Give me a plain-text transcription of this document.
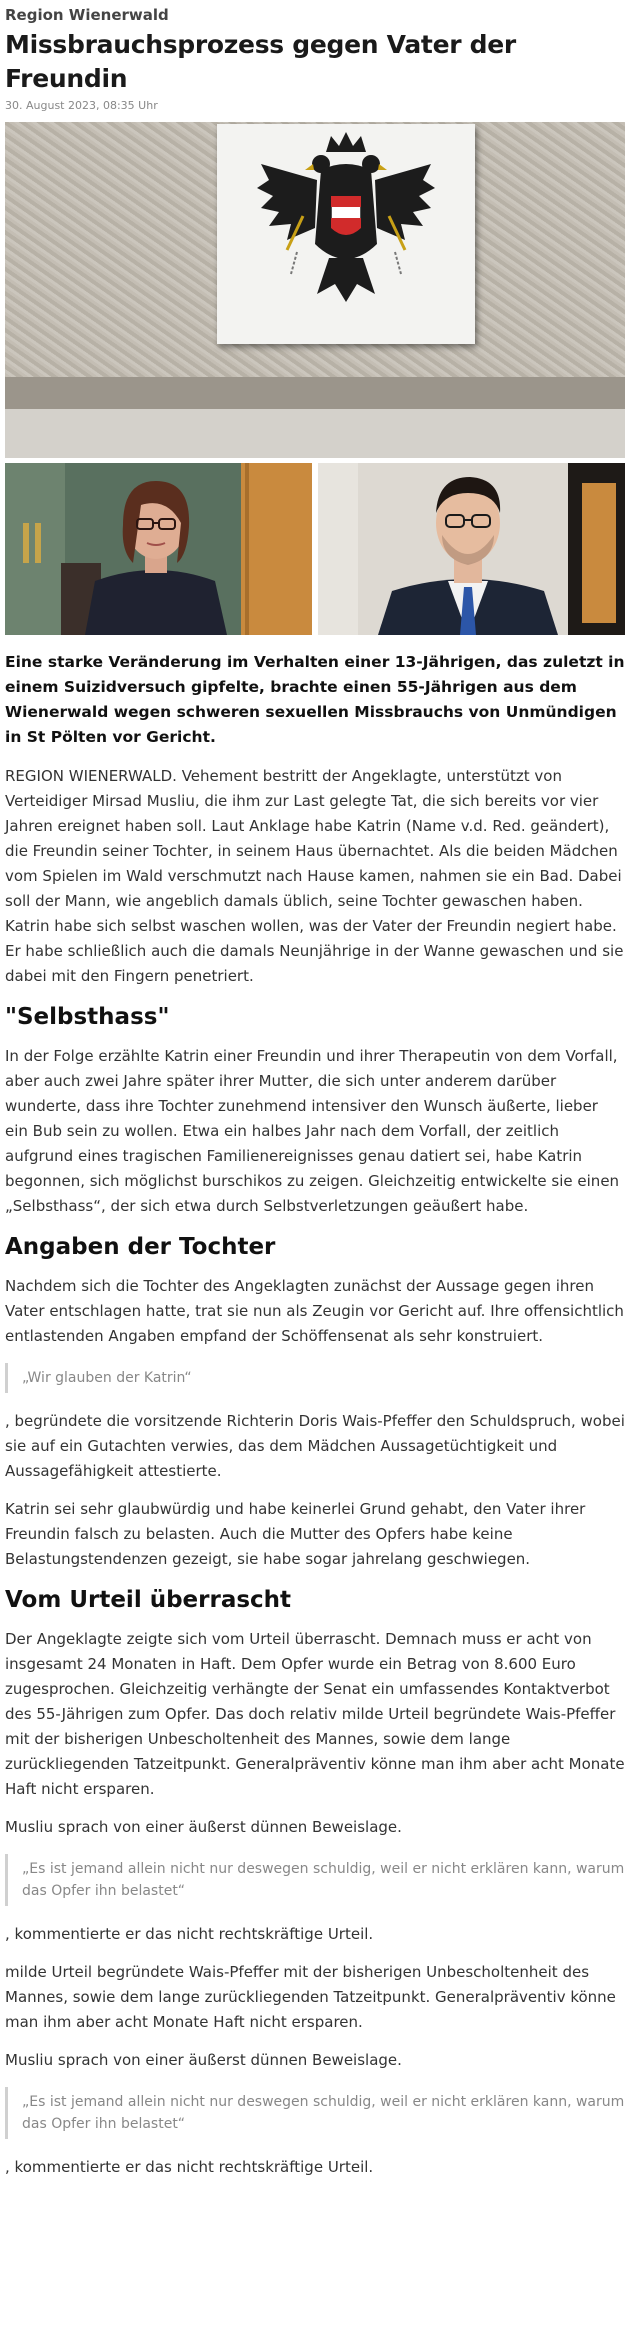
Region Wienerwald
Missbrauchsprozess gegen Vater der Freundin
30. August 2023, 08:35 Uhr
Eine starke Veränderung im Verhalten einer 13-Jährigen, das zuletzt in einem Suizidversuch gipfelte, brachte einen 55-Jährigen aus dem Wienerwald wegen schweren sexuellen Missbrauchs von Unmündigen in St Pölten vor Gericht.

REGION WIENERWALD. Vehement bestritt der Angeklagte, unterstützt von Verteidiger Mirsad Musliu, die ihm zur Last gelegte Tat, die sich bereits vor vier Jahren ereignet haben soll. Laut Anklage habe Katrin (Name v.d. Red. geändert), die Freundin seiner Tochter, in seinem Haus übernachtet. Als die beiden Mädchen vom Spielen im Wald verschmutzt nach Hause kamen, nahmen sie ein Bad. Dabei soll der Mann, wie angeblich damals üblich, seine Tochter gewaschen haben. Katrin habe sich selbst waschen wollen, was der Vater der Freundin negiert habe. Er habe schließlich auch die damals Neunjährige in der Wanne gewaschen und sie dabei mit den Fingern penetriert.

"Selbsthass"

In der Folge erzählte Katrin einer Freundin und ihrer Therapeutin von dem Vorfall, aber auch zwei Jahre später ihrer Mutter, die sich unter anderem darüber wunderte, dass ihre Tochter zunehmend intensiver den Wunsch äußerte, lieber ein Bub sein zu wollen. Etwa ein halbes Jahr nach dem Vorfall, der zeitlich aufgrund eines tragischen Familienereignisses genau datiert sei, habe Katrin begonnen, sich möglichst burschikos zu zeigen. Gleichzeitig entwickelte sie einen „Selbsthass“, der sich etwa durch Selbstverletzungen geäußert habe.

Angaben der Tochter

Nachdem sich die Tochter des Angeklagten zunächst der Aussage gegen ihren Vater entschlagen hatte, trat sie nun als Zeugin vor Gericht auf. Ihre offensichtlich entlastenden Angaben empfand der Schöffensenat als sehr konstruiert.

„Wir glauben der Katrin“

, begründete die vorsitzende Richterin Doris Wais-Pfeffer den Schuldspruch, wobei sie auf ein Gutachten verwies, das dem Mädchen Aussagetüchtigkeit und Aussagefähigkeit attestierte.

Katrin sei sehr glaubwürdig und habe keinerlei Grund gehabt, den Vater ihrer Freundin falsch zu belasten. Auch die Mutter des Opfers habe keine Belastungstendenzen gezeigt, sie habe sogar jahrelang geschwiegen.

Vom Urteil überrascht

Der Angeklagte zeigte sich vom Urteil überrascht. Demnach muss er acht von insgesamt 24 Monaten in Haft. Dem Opfer wurde ein Betrag von 8.600 Euro zugesprochen. Gleichzeitig verhängte der Senat ein umfassendes Kontaktverbot des 55-Jährigen zum Opfer. Das doch relativ milde Urteil begründete Wais-Pfeffer mit der bisherigen Unbescholtenheit des Mannes, sowie dem lange zurückliegenden Tatzeitpunkt. Generalpräventiv könne man ihm aber acht Monate Haft nicht ersparen.

Musliu sprach von einer äußerst dünnen Beweislage.

„Es ist jemand allein nicht nur deswegen schuldig, weil er nicht erklären kann, warum das Opfer ihn belastet“

, kommentierte er das nicht rechtskräftige Urteil.

milde Urteil begründete Wais-Pfeffer mit der bisherigen Unbescholtenheit des Mannes, sowie dem lange zurückliegenden Tatzeitpunkt. Generalpräventiv könne man ihm aber acht Monate Haft nicht ersparen.

Musliu sprach von einer äußerst dünnen Beweislage.

„Es ist jemand allein nicht nur deswegen schuldig, weil er nicht erklären kann, warum das Opfer ihn belastet“

, kommentierte er das nicht rechtskräftige Urteil.
